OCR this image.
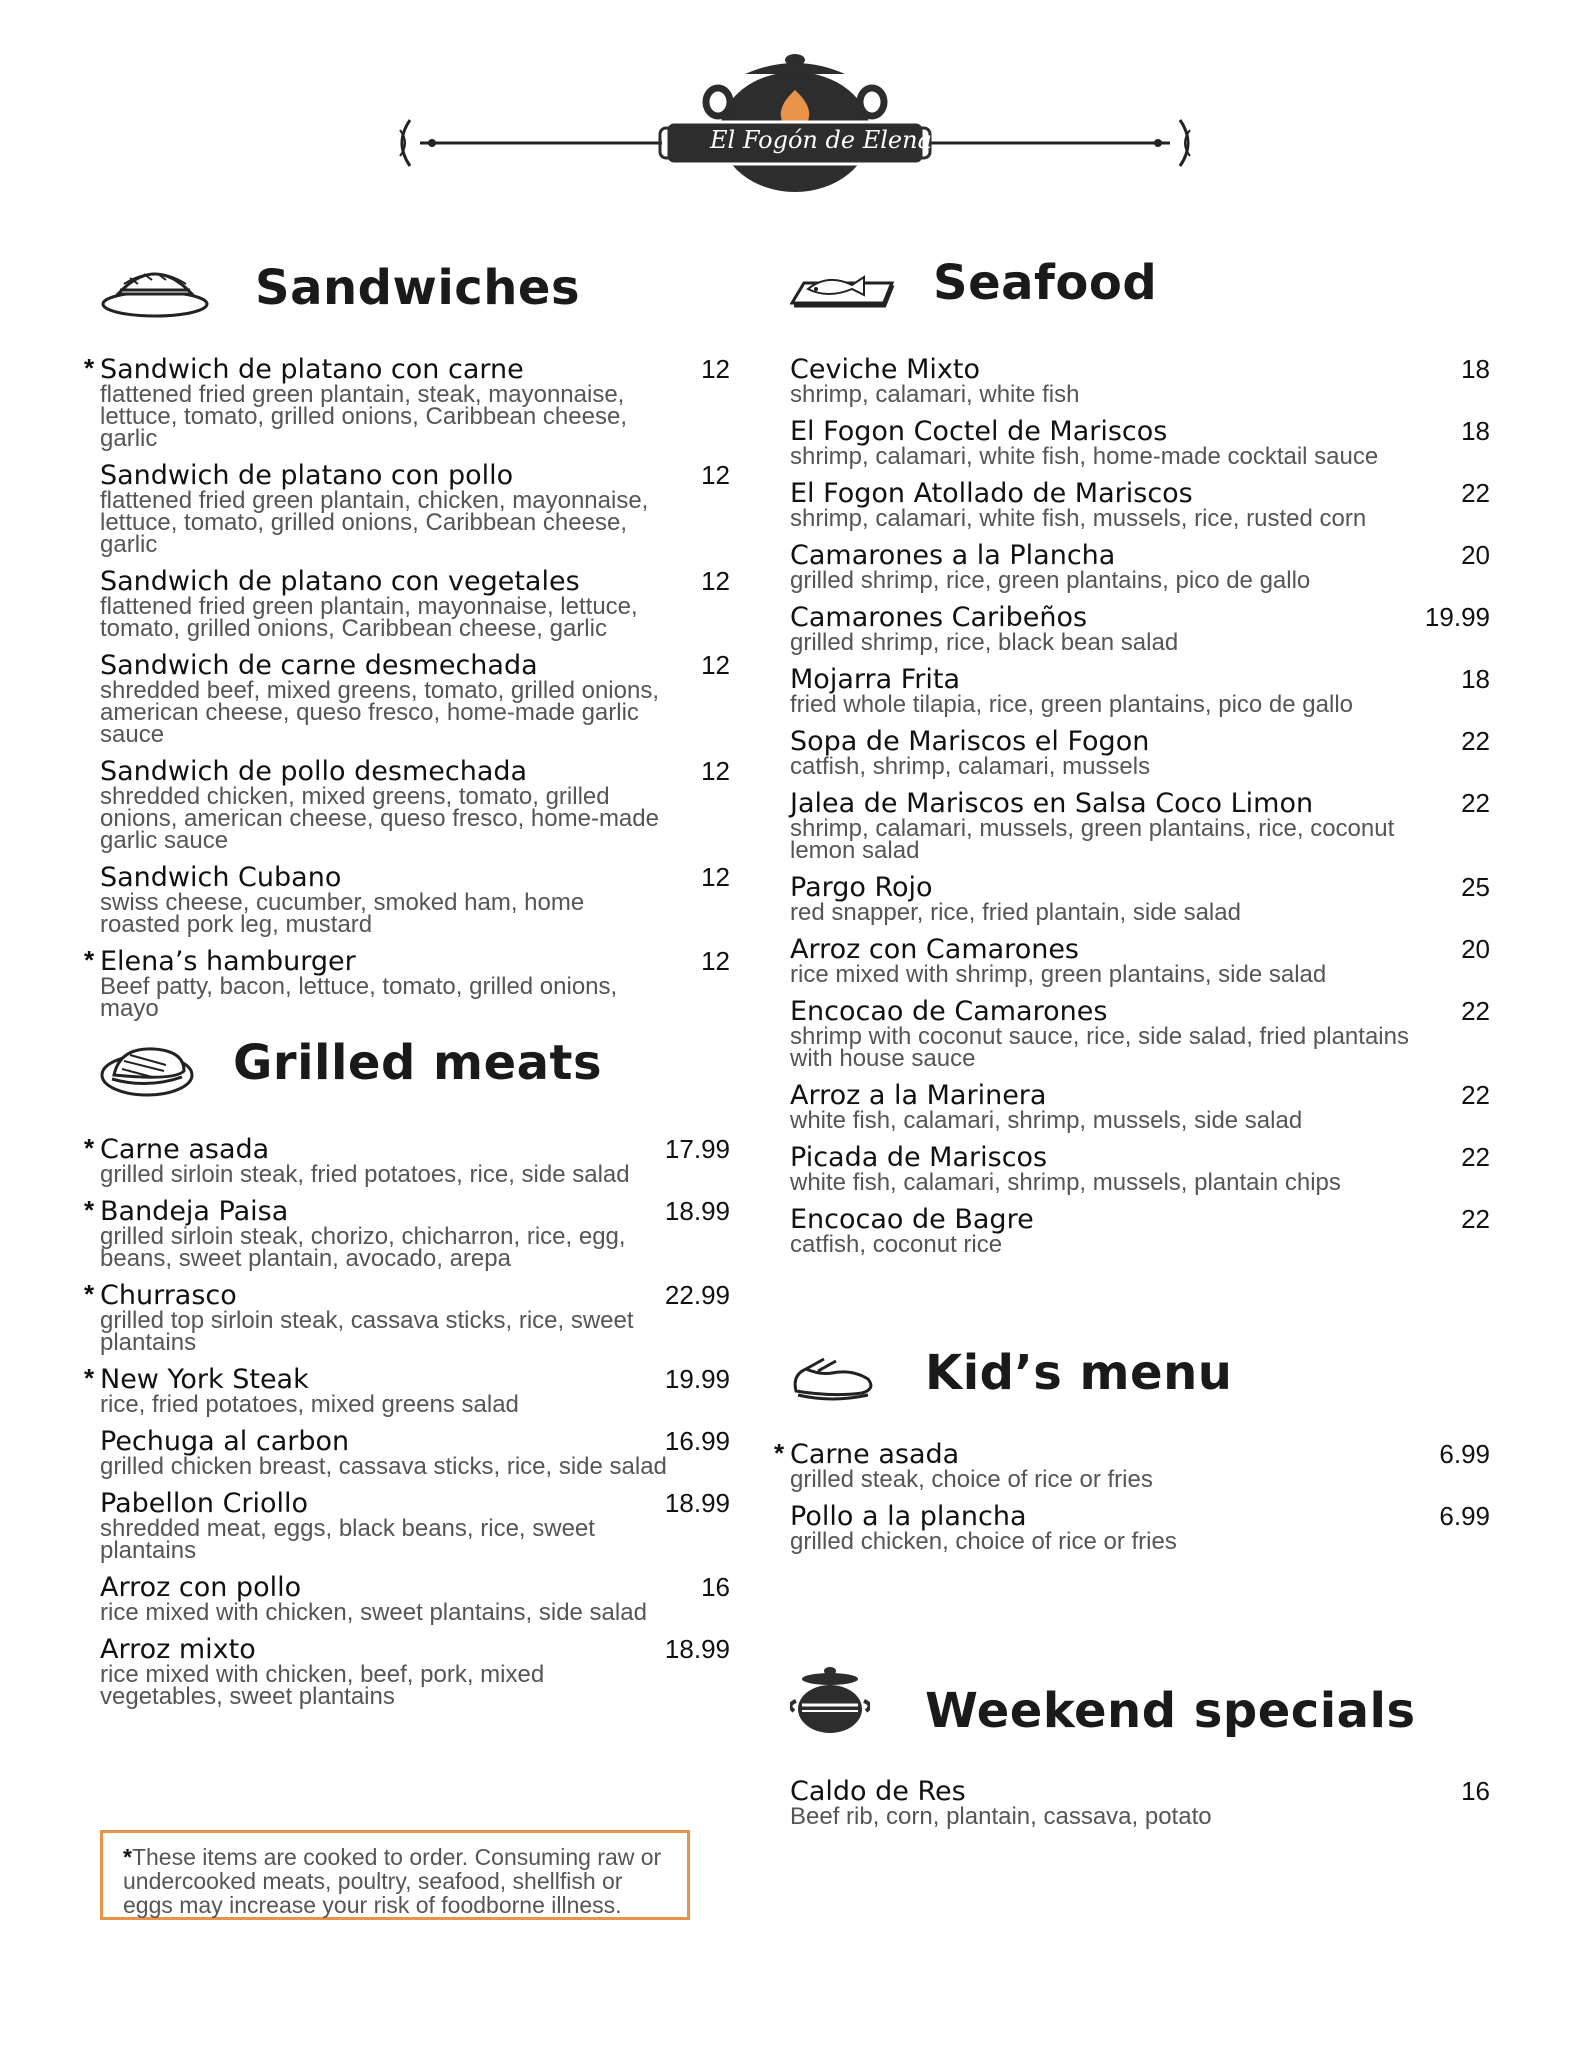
El Fogón de Elena
Sandwiches
* Sandwich de platano con carne	12
flattened fried green plantain, steak, mayonnaise, lettuce, tomato, grilled onions, Caribbean cheese, garlic
Sandwich de platano con pollo	12
flattened fried green plantain, chicken, mayonnaise, lettuce, tomato, grilled onions, Caribbean cheese, garlic
Sandwich de platano con vegetales	12
flattened fried green plantain, mayonnaise, lettuce, tomato, grilled onions, Caribbean cheese, garlic
Sandwich de carne desmechada	12
shredded beef, mixed greens, tomato, grilled onions, american cheese, queso fresco, home-made garlic sauce
Sandwich de pollo desmechada	12
shredded chicken, mixed greens, tomato, grilled onions, american cheese, queso fresco, home-made garlic sauce
Sandwich Cubano	12
swiss cheese, cucumber, smoked ham, home roasted pork leg, mustard
* Elena’s hamburger	12
Beef patty, bacon, lettuce, tomato, grilled onions, mayo
Grilled meats
* Carne asada	17.99
grilled sirloin steak, fried potatoes, rice, side salad
* Bandeja Paisa	18.99
grilled sirloin steak, chorizo, chicharron, rice, egg, beans, sweet plantain, avocado, arepa
* Churrasco	22.99
grilled top sirloin steak, cassava sticks, rice, sweet plantains
* New York Steak	19.99
rice, fried potatoes, mixed greens salad
Pechuga al carbon	16.99
grilled chicken breast, cassava sticks, rice, side salad
Pabellon Criollo	18.99
shredded meat, eggs, black beans, rice, sweet plantains
Arroz con pollo	16
rice mixed with chicken, sweet plantains, side salad
Arroz mixto	18.99
rice mixed with chicken, beef, pork, mixed vegetables, sweet plantains
Seafood
Ceviche Mixto	18
shrimp, calamari, white fish
El Fogon Coctel de Mariscos	18
shrimp, calamari, white fish, home-made cocktail sauce
El Fogon Atollado de Mariscos	22
shrimp, calamari, white fish, mussels, rice, rusted corn
Camarones a la Plancha	20
grilled shrimp, rice, green plantains, pico de gallo
Camarones Caribeños	19.99
grilled shrimp, rice, black bean salad
Mojarra Frita	18
fried whole tilapia, rice, green plantains, pico de gallo
Sopa de Mariscos el Fogon	22
catfish, shrimp, calamari, mussels
Jalea de Mariscos en Salsa Coco Limon	22
shrimp, calamari, mussels, green plantains, rice, coconut lemon salad
Pargo Rojo	25
red snapper, rice, fried plantain, side salad
Arroz con Camarones	20
rice mixed with shrimp, green plantains, side salad
Encocao de Camarones	22
shrimp with coconut sauce, rice, side salad, fried plantains with house sauce
Arroz a la Marinera	22
white fish, calamari, shrimp, mussels, side salad
Picada de Mariscos	22
white fish, calamari, shrimp, mussels, plantain chips
Encocao de Bagre	22
catfish, coconut rice
Kid’s menu
* Carne asada	6.99
grilled steak, choice of rice or fries
Pollo a la plancha	6.99
grilled chicken, choice of rice or fries
Weekend specials
Caldo de Res	16
Beef rib, corn, plantain, cassava, potato
*These items are cooked to order. Consuming raw or undercooked meats, poultry, seafood, shellfish or eggs may increase your risk of foodborne illness.
